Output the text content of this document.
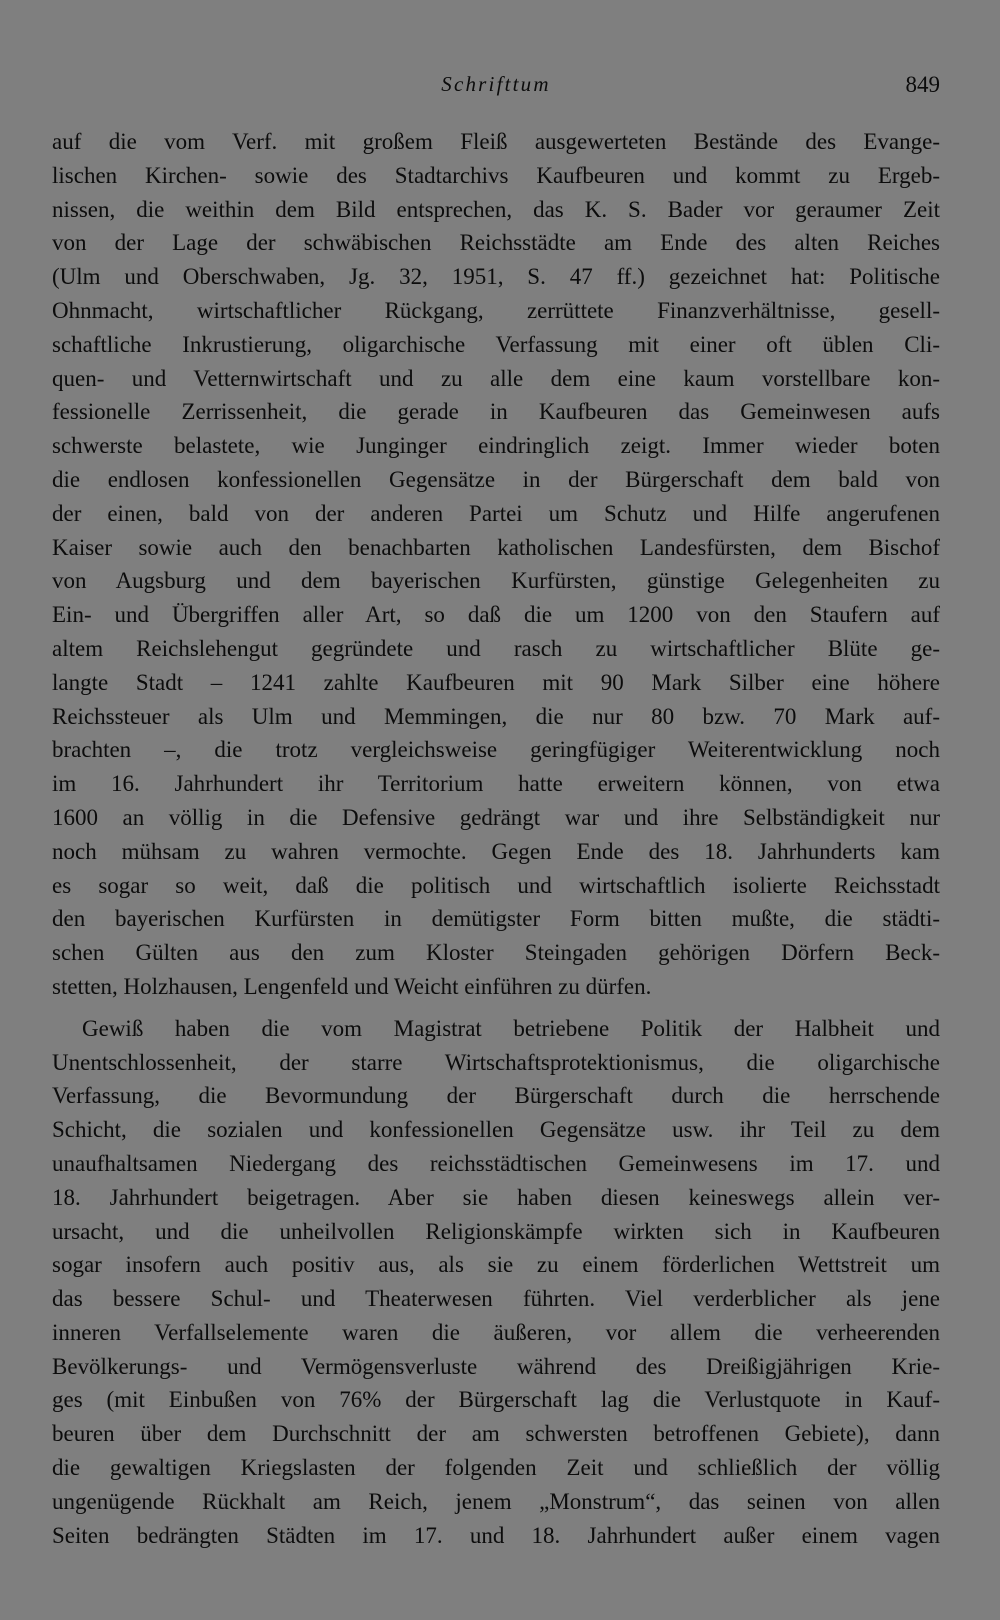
Schrifttum	849
auf die vom Verf. mit großem Fleiß ausgewerteten Bestände des Evange-
lischen Kirchen- sowie des Stadtarchivs Kaufbeuren und kommt zu Ergeb-
nissen, die weithin dem Bild entsprechen, das K. S. Bader vor geraumer Zeit
von der Lage der schwäbischen Reichsstädte am Ende des alten Reiches
(Ulm und Oberschwaben, Jg. 32, 1951, S. 47 ff.) gezeichnet hat: Politische
Ohnmacht, wirtschaftlicher Rückgang, zerrüttete Finanzverhältnisse, gesell-
schaftliche Inkrustierung, oligarchische Verfassung mit einer oft üblen Cli-
quen- und Vetternwirtschaft und zu alle dem eine kaum vorstellbare kon-
fessionelle Zerrissenheit, die gerade in Kaufbeuren das Gemeinwesen aufs
schwerste belastete, wie Junginger eindringlich zeigt. Immer wieder boten
die endlosen konfessionellen Gegensätze in der Bürgerschaft dem bald von
der einen, bald von der anderen Partei um Schutz und Hilfe angerufenen
Kaiser sowie auch den benachbarten katholischen Landesfürsten, dem Bischof
von Augsburg und dem bayerischen Kurfürsten, günstige Gelegenheiten zu
Ein- und Übergriffen aller Art, so daß die um 1200 von den Staufern auf
altem Reichslehengut gegründete und rasch zu wirtschaftlicher Blüte ge-
langte Stadt – 1241 zahlte Kaufbeuren mit 90 Mark Silber eine höhere
Reichssteuer als Ulm und Memmingen, die nur 80 bzw. 70 Mark auf-
brachten –, die trotz vergleichsweise geringfügiger Weiterentwicklung noch
im 16. Jahrhundert ihr Territorium hatte erweitern können, von etwa
1600 an völlig in die Defensive gedrängt war und ihre Selbständigkeit nur
noch mühsam zu wahren vermochte. Gegen Ende des 18. Jahrhunderts kam
es sogar so weit, daß die politisch und wirtschaftlich isolierte Reichsstadt
den bayerischen Kurfürsten in demütigster Form bitten mußte, die städti-
schen Gülten aus den zum Kloster Steingaden gehörigen Dörfern Beck-
stetten, Holzhausen, Lengenfeld und Weicht einführen zu dürfen.
Gewiß haben die vom Magistrat betriebene Politik der Halbheit und
Unentschlossenheit, der starre Wirtschaftsprotektionismus, die oligarchische
Verfassung, die Bevormundung der Bürgerschaft durch die herrschende
Schicht, die sozialen und konfessionellen Gegensätze usw. ihr Teil zu dem
unaufhaltsamen Niedergang des reichsstädtischen Gemeinwesens im 17. und
18. Jahrhundert beigetragen. Aber sie haben diesen keineswegs allein ver-
ursacht, und die unheilvollen Religionskämpfe wirkten sich in Kaufbeuren
sogar insofern auch positiv aus, als sie zu einem förderlichen Wettstreit um
das bessere Schul- und Theaterwesen führten. Viel verderblicher als jene
inneren Verfallselemente waren die äußeren, vor allem die verheerenden
Bevölkerungs- und Vermögensverluste während des Dreißigjährigen Krie-
ges (mit Einbußen von 76% der Bürgerschaft lag die Verlustquote in Kauf-
beuren über dem Durchschnitt der am schwersten betroffenen Gebiete), dann
die gewaltigen Kriegslasten der folgenden Zeit und schließlich der völlig
ungenügende Rückhalt am Reich, jenem „Monstrum“, das seinen von allen
Seiten bedrängten Städten im 17. und 18. Jahrhundert außer einem vagen
